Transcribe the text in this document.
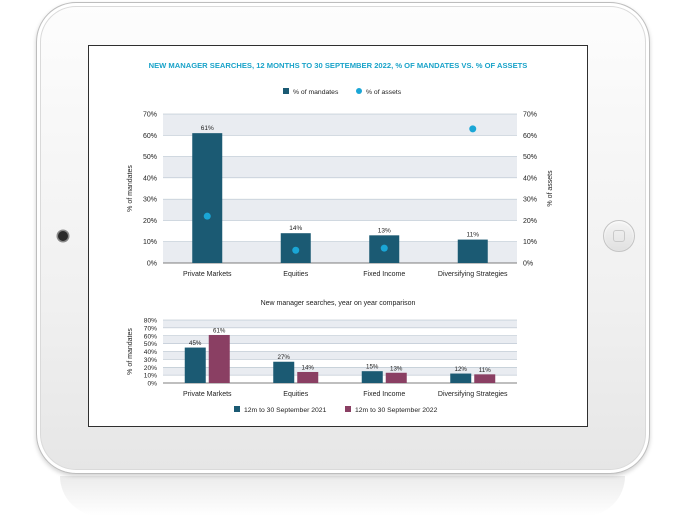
NEW MANAGER SEARCHES, 12 MONTHS TO 30 SEPTEMBER 2022, % OF MANDATES VS. % OF ASSETS
0%	0%
10%	10%
20%	20%
30%	30%
40%	40%
50%	50%
60%	60%
70%	70%
61%
Private Markets
14%
Equities
13%
Fixed Income
11%
Diversifying Strategies
% of mandates	% of assets
% of mandates	% of assets
New manager searches, year on year comparison
0%
10%
20%
30%
40%
50%
60%
70%
80%
45%
61%
Private Markets
27%
14%
Equities
15% 13%
Fixed Income
12% 11%
Diversifying Strategies
% of mandates
12m to 30 September 2021	12m to 30 September 2022
